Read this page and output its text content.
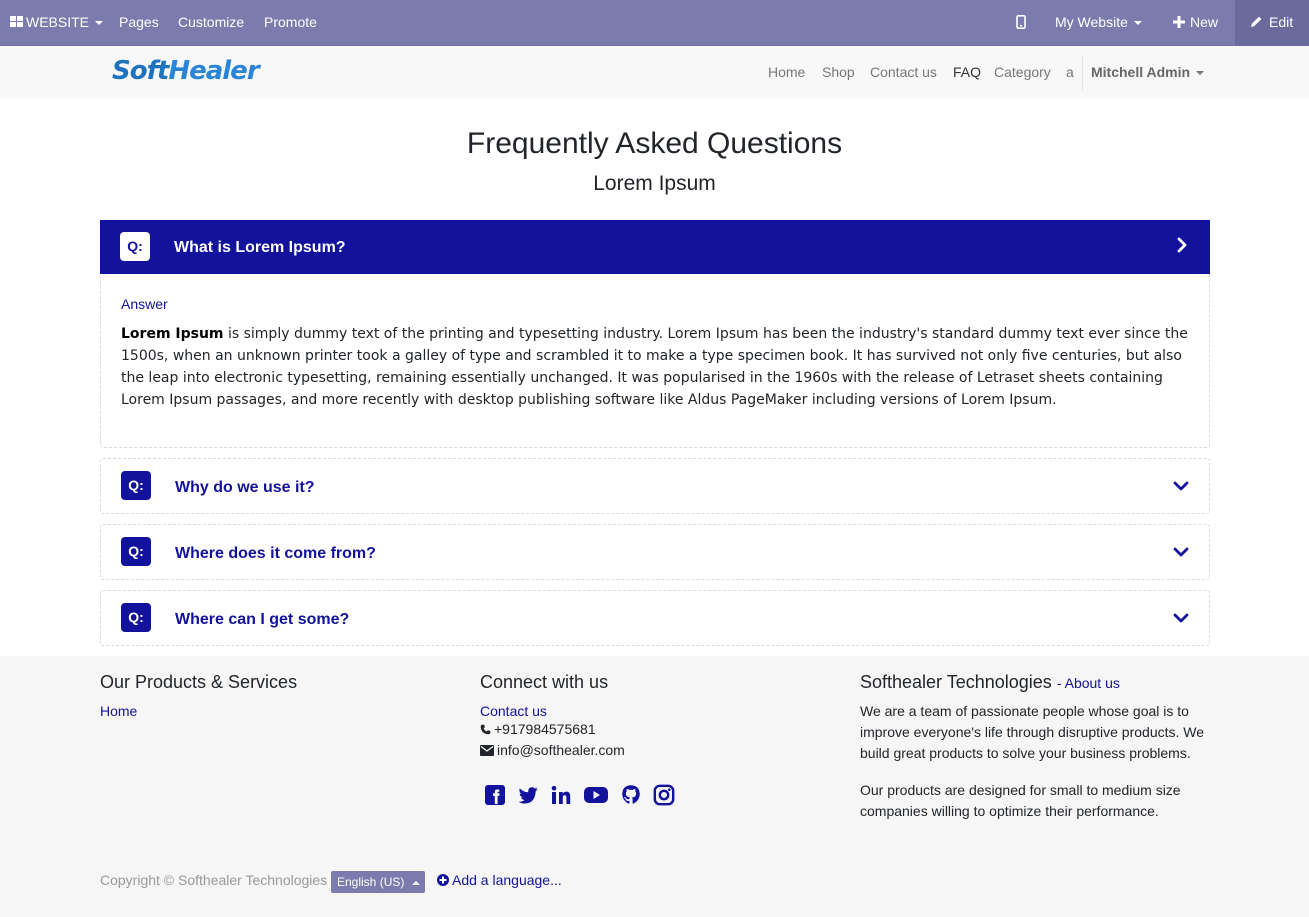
WEBSITE	Pages Customize Promote	My Website	New	Edit
SoftHealer	Home Shop Contact us FAQ Category a Mitchell Admin
Frequently Asked Questions
Lorem Ipsum
Q:	What is Lorem Ipsum?
Answer
Lorem Ipsum is simply dummy text of the printing and typesetting industry. Lorem Ipsum has been the industry's standard dummy text ever since the 1500s, when an unknown printer took a galley of type and scrambled it to make a type specimen book. It has survived not only five centuries, but also the leap into electronic typesetting, remaining essentially unchanged. It was popularised in the 1960s with the release of Letraset sheets containing Lorem Ipsum passages, and more recently with desktop publishing software like Aldus PageMaker including versions of Lorem Ipsum.
Q:	Why do we use it?
Q:	Where does it come from?
Q:	Where can I get some?
Our Products & Services
Home
Connect with us
Contact us
+917984575681
info@softhealer.com
Softhealer Technologies - About us
We are a team of passionate people whose goal is to improve everyone's life through disruptive products. We build great products to solve your business problems.
Our products are designed for small to medium size companies willing to optimize their performance.
Copyright © Softhealer Technologies English (US)	Add a language...
